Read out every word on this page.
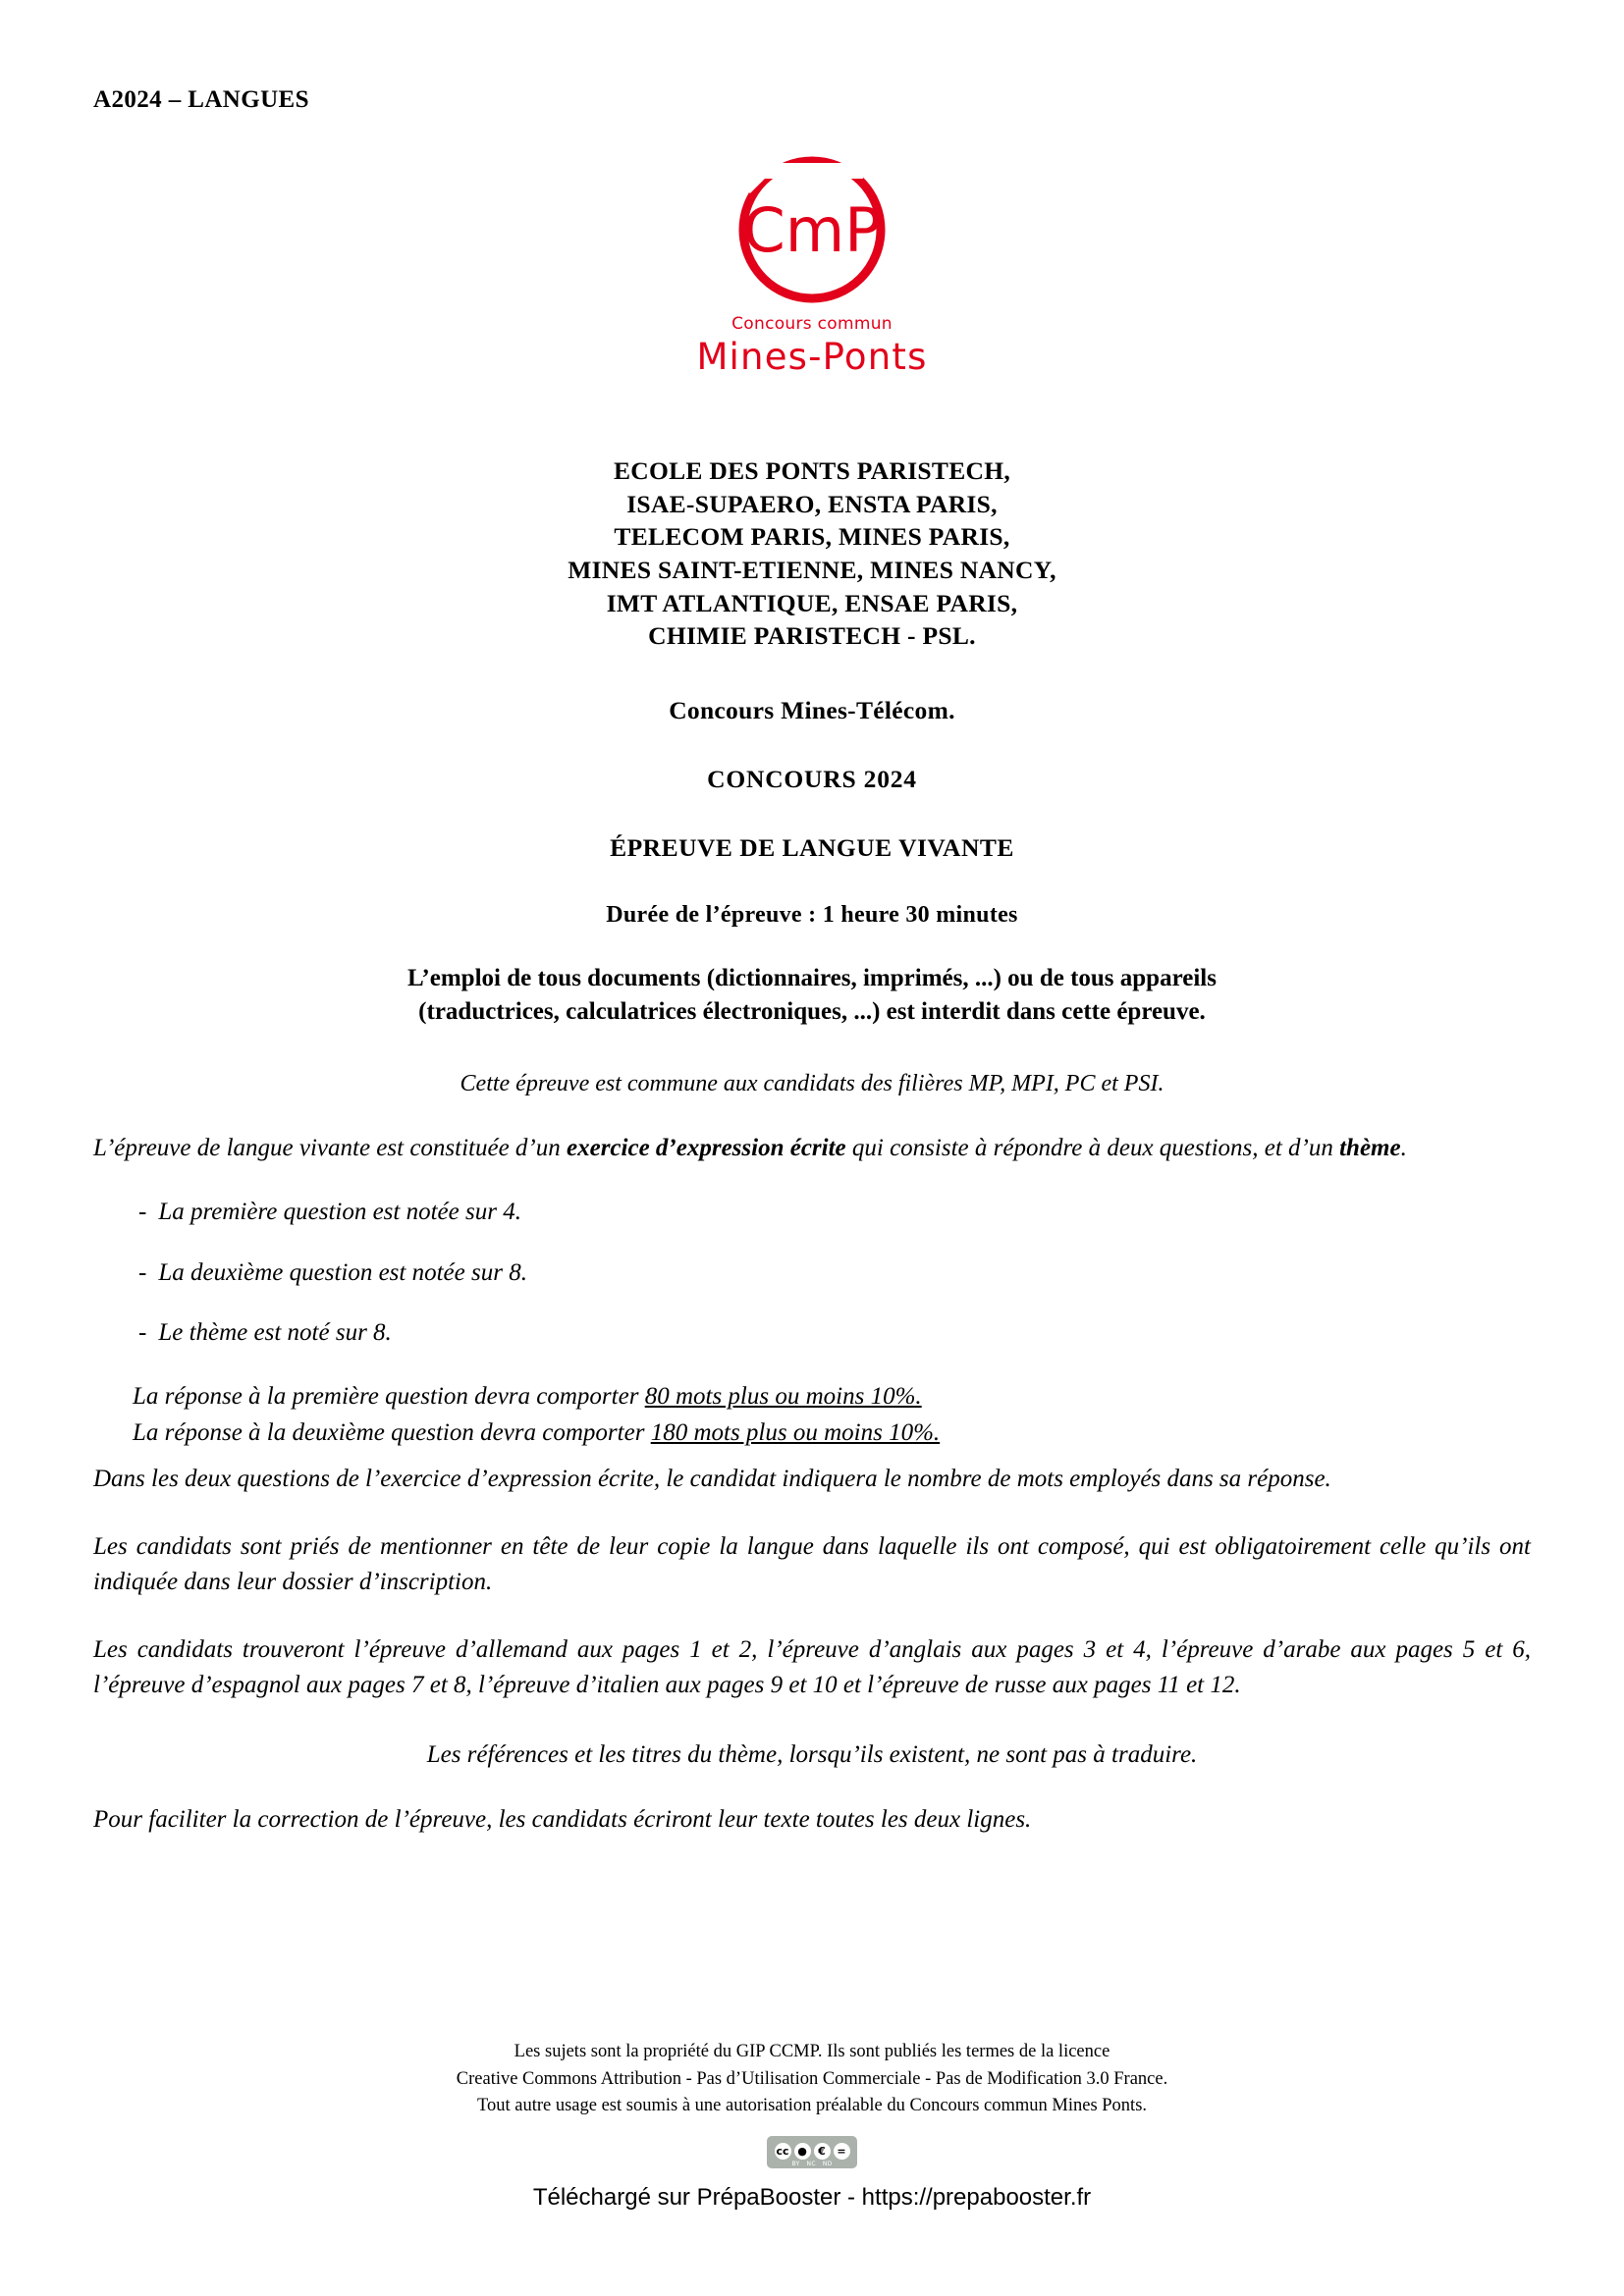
A2024 – LANGUES
CmP
Concours commun
Mines-Ponts
ECOLE DES PONTS PARISTECH,
ISAE-SUPAERO, ENSTA PARIS,
TELECOM PARIS, MINES PARIS,
MINES SAINT-ETIENNE, MINES NANCY,
IMT ATLANTIQUE, ENSAE PARIS,
CHIMIE PARISTECH - PSL.
Concours Mines-Télécom.
CONCOURS 2024
ÉPREUVE DE LANGUE VIVANTE
Durée de l’épreuve : 1 heure 30 minutes
L’emploi de tous documents (dictionnaires, imprimés, ...) ou de tous appareils
(traductrices, calculatrices électroniques, ...) est interdit dans cette épreuve.
Cette épreuve est commune aux candidats des filières MP, MPI, PC et PSI.
L’épreuve de langue vivante est constituée d’un exercice d’expression écrite qui consiste à répondre à deux questions, et d’un thème.
- La première question est notée sur 4.
- La deuxième question est notée sur 8.
- Le thème est noté sur 8.
La réponse à la première question devra comporter 80 mots plus ou moins 10%.
La réponse à la deuxième question devra comporter 180 mots plus ou moins 10%.
Dans les deux questions de l’exercice d’expression écrite, le candidat indiquera le nombre de mots employés dans sa réponse.
Les candidats sont priés de mentionner en tête de leur copie la langue dans laquelle ils ont composé, qui est obligatoirement celle qu’ils ont indiquée dans leur dossier d’inscription.
Les candidats trouveront l’épreuve d’allemand aux pages 1 et 2, l’épreuve d’anglais aux pages 3 et 4, l’épreuve d’arabe aux pages 5 et 6, l’épreuve d’espagnol aux pages 7 et 8, l’épreuve d’italien aux pages 9 et 10 et l’épreuve de russe aux pages 11 et 12.
Les références et les titres du thème, lorsqu’ils existent, ne sont pas à traduire.
Pour faciliter la correction de l’épreuve, les candidats écriront leur texte toutes les deux lignes.
Les sujets sont la propriété du GIP CCMP. Ils sont publiés les termes de la licence
Creative Commons Attribution - Pas d’Utilisation Commerciale - Pas de Modification 3.0 France.
Tout autre usage est soumis à une autorisation préalable du Concours commun Mines Ponts.
cc ●	€	=
BY NC ND
Téléchargé sur PrépaBooster - https://prepabooster.fr
